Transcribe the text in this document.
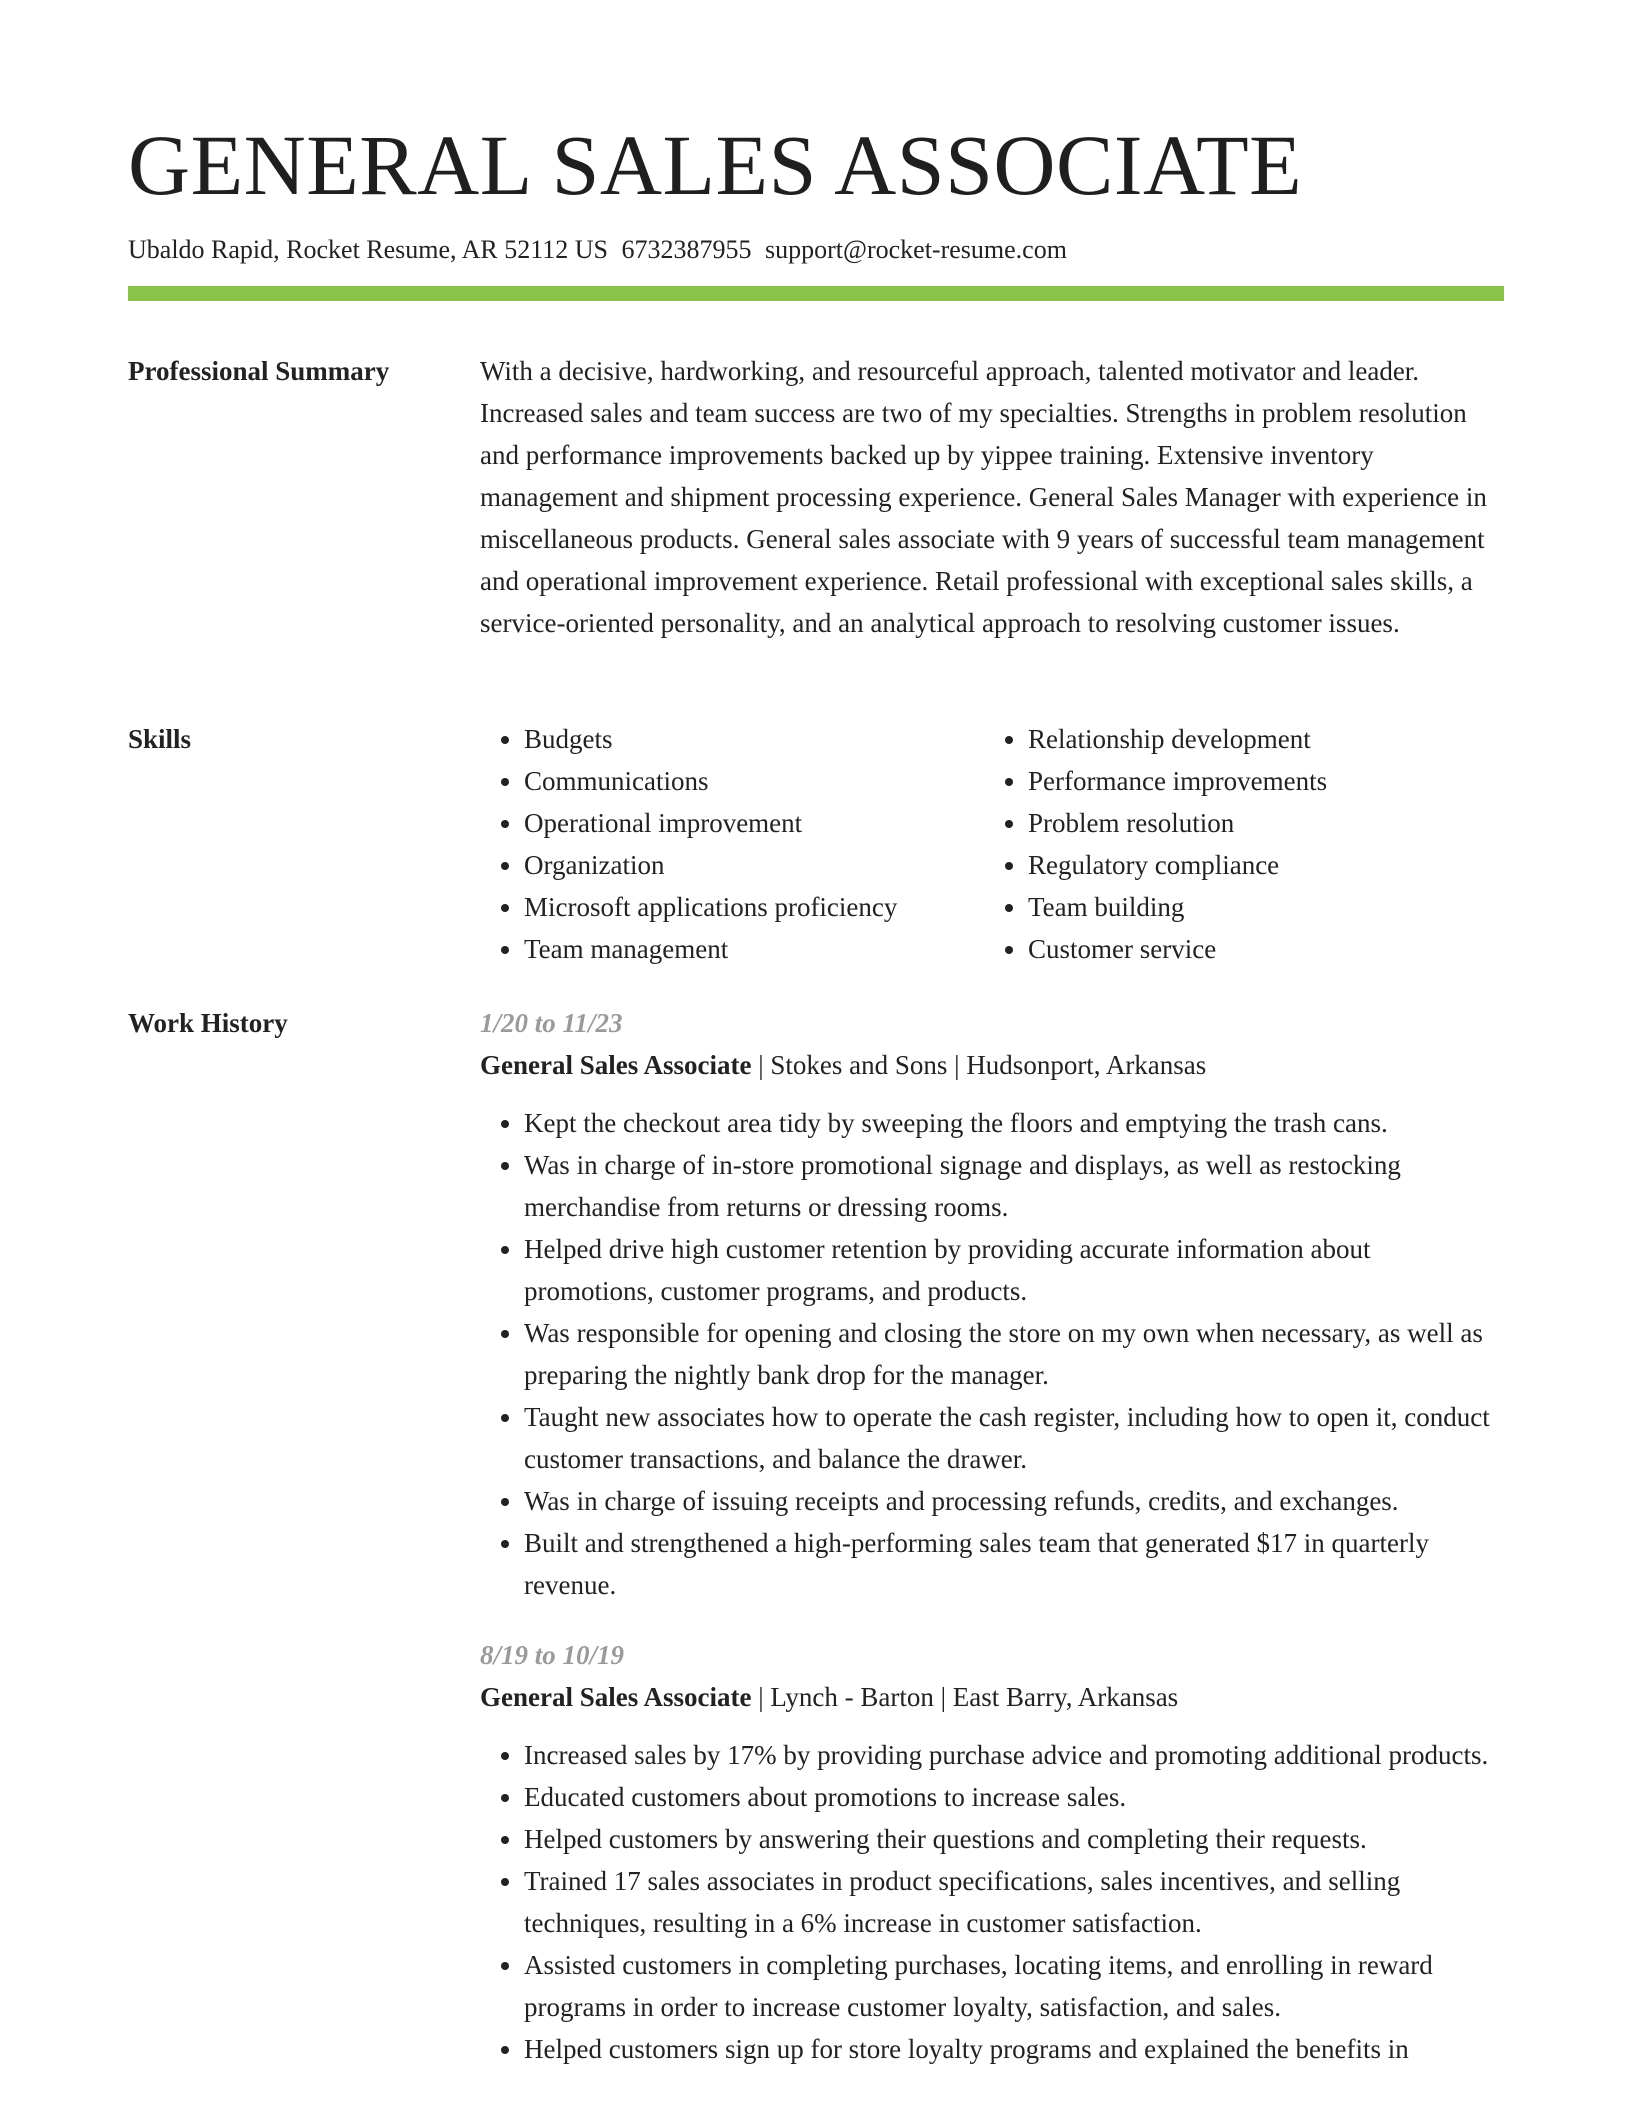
GENERAL SALES ASSOCIATE
Ubaldo Rapid, Rocket Resume, AR 52112 US 6732387955 support@rocket-resume.com
Professional Summary	With a decisive, hardworking, and resourceful approach, talented motivator and leader. Increased sales and team success are two of my specialties. Strengths in problem resolution and performance improvements backed up by yippee training. Extensive inventory management and shipment processing experience. General Sales Manager with experience in miscellaneous products. General sales associate with 9 years of successful team management and operational improvement experience. Retail professional with exceptional sales skills, a service-oriented personality, and an analytical approach to resolving customer issues.

Skills
•	Budgets
• Communications
• Operational improvement
• Organization
• Microsoft applications proficiency
• Team management
• Relationship development
• Performance improvements
• Problem resolution
• Regulatory compliance
• Team building
• Customer service
Work History	1/20 to 11/23
General Sales Associate | Stokes and Sons | Hudsonport, Arkansas
• Kept the checkout area tidy by sweeping the floors and emptying the trash cans.
• Was in charge of in-store promotional signage and displays, as well as restocking merchandise from returns or dressing rooms.
• Helped drive high customer retention by providing accurate information about promotions, customer programs, and products.
• Was responsible for opening and closing the store on my own when necessary, as well as preparing the nightly bank drop for the manager.
• Taught new associates how to operate the cash register, including how to open it, conduct customer transactions, and balance the drawer.
• Was in charge of issuing receipts and processing refunds, credits, and exchanges.
• Built and strengthened a high-performing sales team that generated $17 in quarterly revenue.
8/19 to 10/19
General Sales Associate | Lynch - Barton | East Barry, Arkansas
• Increased sales by 17% by providing purchase advice and promoting additional products.
• Educated customers about promotions to increase sales.
• Helped customers by answering their questions and completing their requests.
• Trained 17 sales associates in product specifications, sales incentives, and selling techniques, resulting in a 6% increase in customer satisfaction.
• Assisted customers in completing purchases, locating items, and enrolling in reward programs in order to increase customer loyalty, satisfaction, and sales.
• Helped customers sign up for store loyalty programs and explained the benefits in
